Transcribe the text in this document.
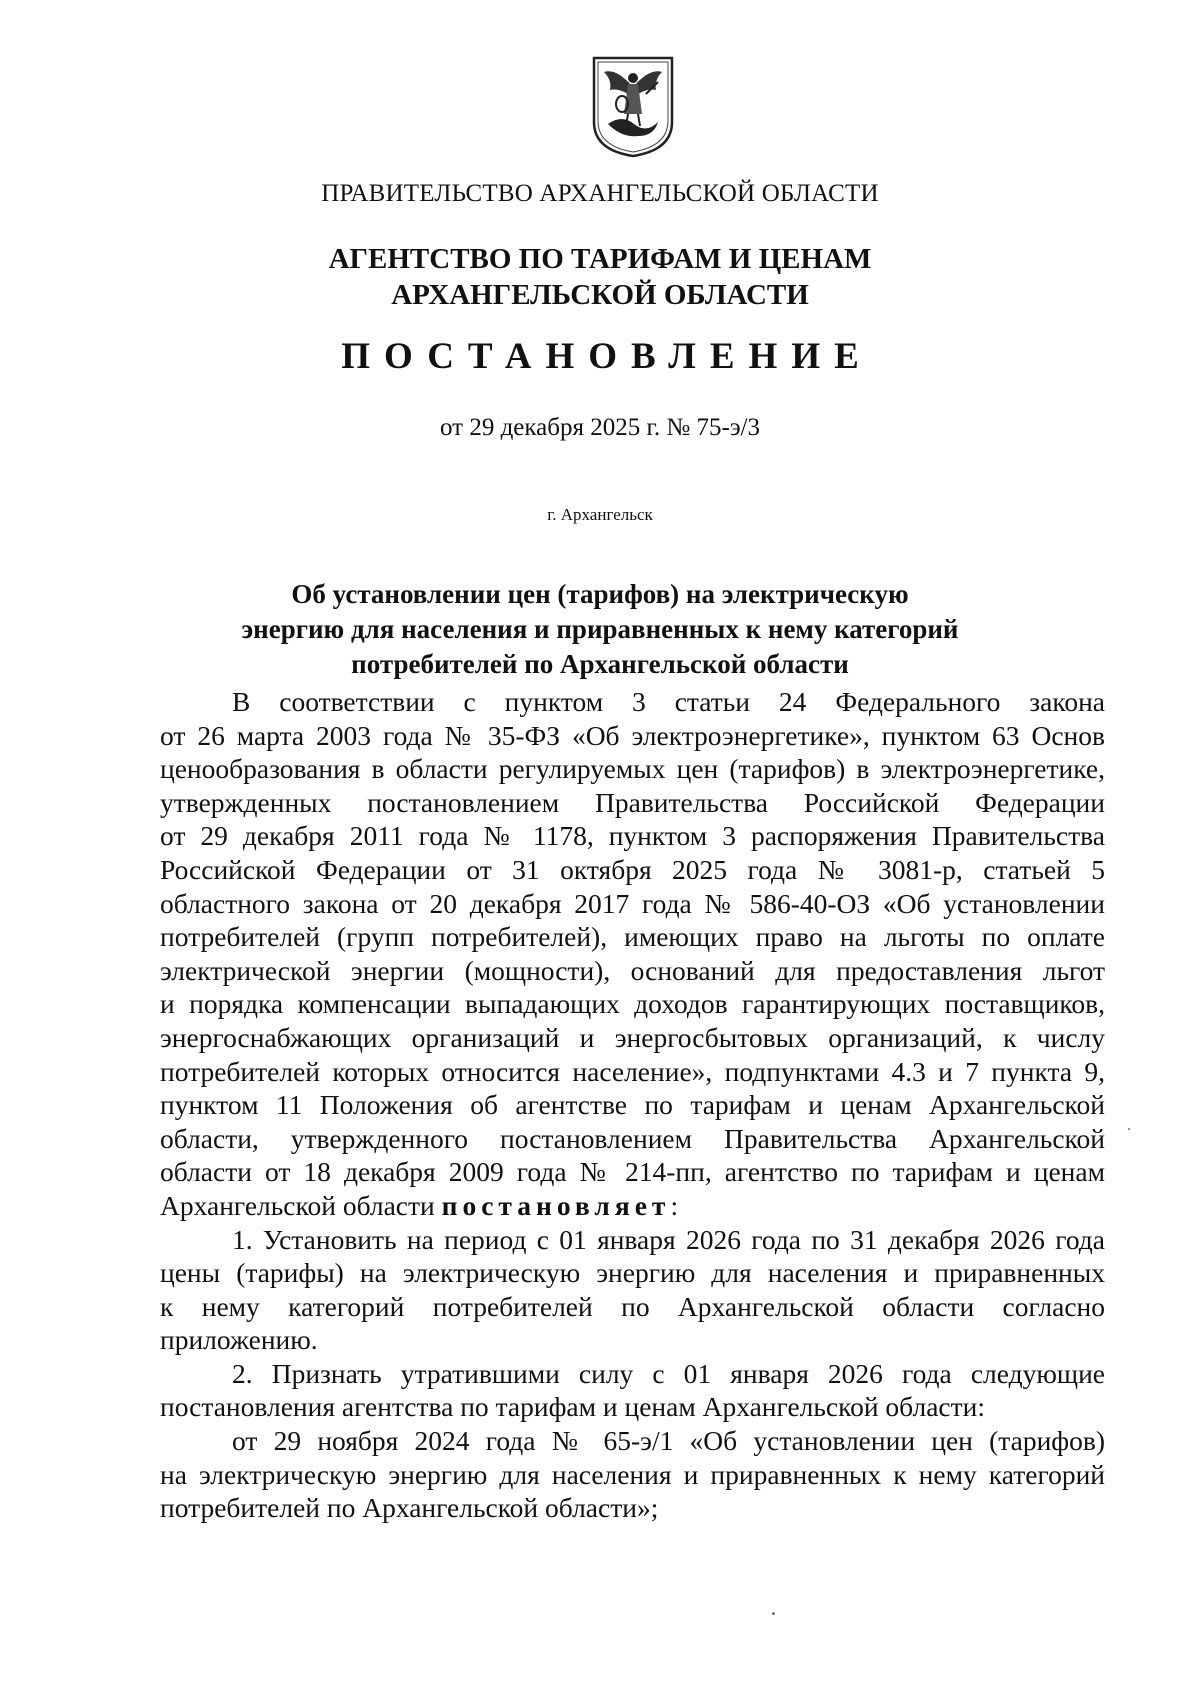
ПРАВИТЕЛЬСТВО АРХАНГЕЛЬСКОЙ ОБЛАСТИ
АГЕНТСТВО ПО ТАРИФАМ И ЦЕНАМ
АРХАНГЕЛЬСКОЙ ОБЛАСТИ
ПОСТАНОВЛЕНИЕ
от 29 декабря 2025 г. № 75-э/3
г. Архангельск
Об установлении цен (тарифов) на электрическую
энергию для населения и приравненных к нему категорий
потребителей по Архангельской области
В соответствии с пунктом 3 статьи 24 Федерального закона
от 26 марта 2003 года № 35-ФЗ «Об электроэнергетике», пунктом 63 Основ
ценообразования в области регулируемых цен (тарифов) в электроэнергетике,
утвержденных постановлением Правительства Российской Федерации
от 29 декабря 2011 года № 1178, пунктом 3 распоряжения Правительства
Российской Федерации от 31 октября 2025 года № 3081-р, статьей 5
областного закона от 20 декабря 2017 года № 586-40-ОЗ «Об установлении
потребителей (групп потребителей), имеющих право на льготы по оплате
электрической энергии (мощности), оснований для предоставления льгот
и порядка компенсации выпадающих доходов гарантирующих поставщиков,
энергоснабжающих организаций и энергосбытовых организаций, к числу
потребителей которых относится население», подпунктами 4.3 и 7 пункта 9,
пунктом 11 Положения об агентстве по тарифам и ценам Архангельской
области, утвержденного постановлением Правительства Архангельской
области от 18 декабря 2009 года № 214-пп, агентство по тарифам и ценам
Архангельской области постановляет:
1. Установить на период с 01 января 2026 года по 31 декабря 2026 года
цены (тарифы) на электрическую энергию для населения и приравненных
к нему категорий потребителей по Архангельской области согласно
приложению.
2. Признать утратившими силу с 01 января 2026 года следующие
постановления агентства по тарифам и ценам Архангельской области:
от 29 ноября 2024 года № 65-э/1 «Об установлении цен (тарифов)
на электрическую энергию для населения и приравненных к нему категорий
потребителей по Архангельской области»;
